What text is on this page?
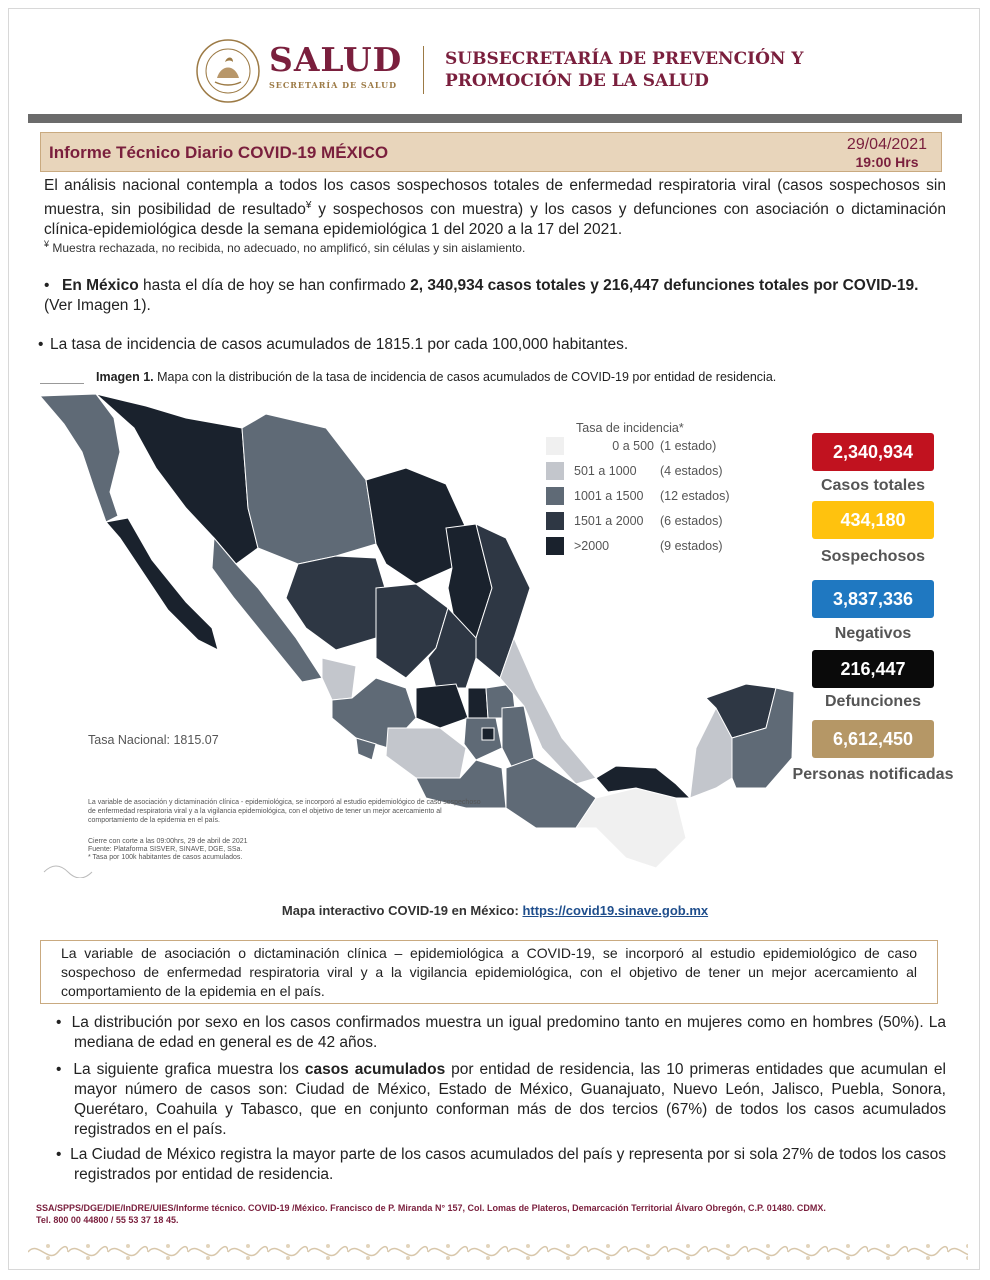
SALUD
SECRETARÍA DE SALUD
SUBSECRETARÍA DE PREVENCIÓN Y
PROMOCIÓN DE LA SALUD
Informe Técnico Diario COVID-19 MÉXICO	29/04/2021
19:00 Hrs

El análisis nacional contempla a todos los casos sospechosos totales de enfermedad respiratoria viral (casos sospechosos sin muestra, sin posibilidad de resultado¥ y sospechosos con muestra) y los casos y defunciones con asociación o dictaminación clínica-epidemiológica desde la semana epidemiológica 1 del 2020 a la 17 del 2021.

¥ Muestra rechazada, no recibida, no adecuado, no amplificó, sin células y sin aislamiento.

• En México hasta el día de hoy se han confirmado 2, 340,934 casos totales y 216,447 defunciones totales por COVID-19. (Ver Imagen 1).

• La tasa de incidencia de casos acumulados de 1815.1 por cada 100,000 habitantes.

Imagen 1. Mapa con la distribución de la tasa de incidencia de casos acumulados de COVID-19 por entidad de residencia.
Tasa de incidencia*
0 a 500 (1 estado)
501 a 1000	(4 estados)
1001 a 1500	(12 estados)
1501 a 2000	(6 estados)
>2000	(9 estados)
Tasa Nacional: 1815.07
La variable de asociación y dictaminación clínica - epidemiológica, se incorporó al estudio epidemiológico de caso sospechoso de enfermedad respiratoria viral y a la vigilancia epidemiológica, con el objetivo de tener un mejor acercamiento al comportamiento de la epidemia en el país.
Cierre con corte a las 09:00hrs, 29 de abril de 2021
Fuente: Plataforma SISVER, SINAVE, DGE, SSa.
* Tasa por 100k habitantes de casos acumulados.
2,340,934
Casos totales
434,180
Sospechosos
3,837,336
Negativos
216,447
Defunciones
6,612,450
Personas notificadas
Mapa interactivo COVID-19 en México: https://covid19.sinave.gob.mx
La variable de asociación o dictaminación clínica – epidemiológica a COVID-19, se incorporó al estudio epidemiológico de caso sospechoso de enfermedad respiratoria viral y a la vigilancia epidemiológica, con el objetivo de tener un mejor acercamiento al comportamiento de la epidemia en el país.

•  La distribución por sexo en los casos confirmados muestra un igual predomino tanto en mujeres como en hombres (50%). La mediana de edad en general es de 42 años.

•  La siguiente grafica muestra los casos acumulados por entidad de residencia, las 10 primeras entidades que acumulan el mayor número de casos son: Ciudad de México, Estado de México, Guanajuato, Nuevo León, Jalisco, Puebla, Sonora, Querétaro, Coahuila y Tabasco, que en conjunto conforman más de dos tercios (67%) de todos los casos acumulados registrados en el país.

•  La Ciudad de México registra la mayor parte de los casos acumulados del país y representa por si sola 27% de todos los casos registrados por entidad de residencia.

SSA/SPPS/DGE/DIE/InDRE/UIES/Informe técnico. COVID-19 /México. Francisco de P. Miranda N° 157, Col. Lomas de Plateros, Demarcación Territorial Álvaro Obregón, C.P. 01480. CDMX.
Tel. 800 00 44800 / 55 53 37 18 45.
